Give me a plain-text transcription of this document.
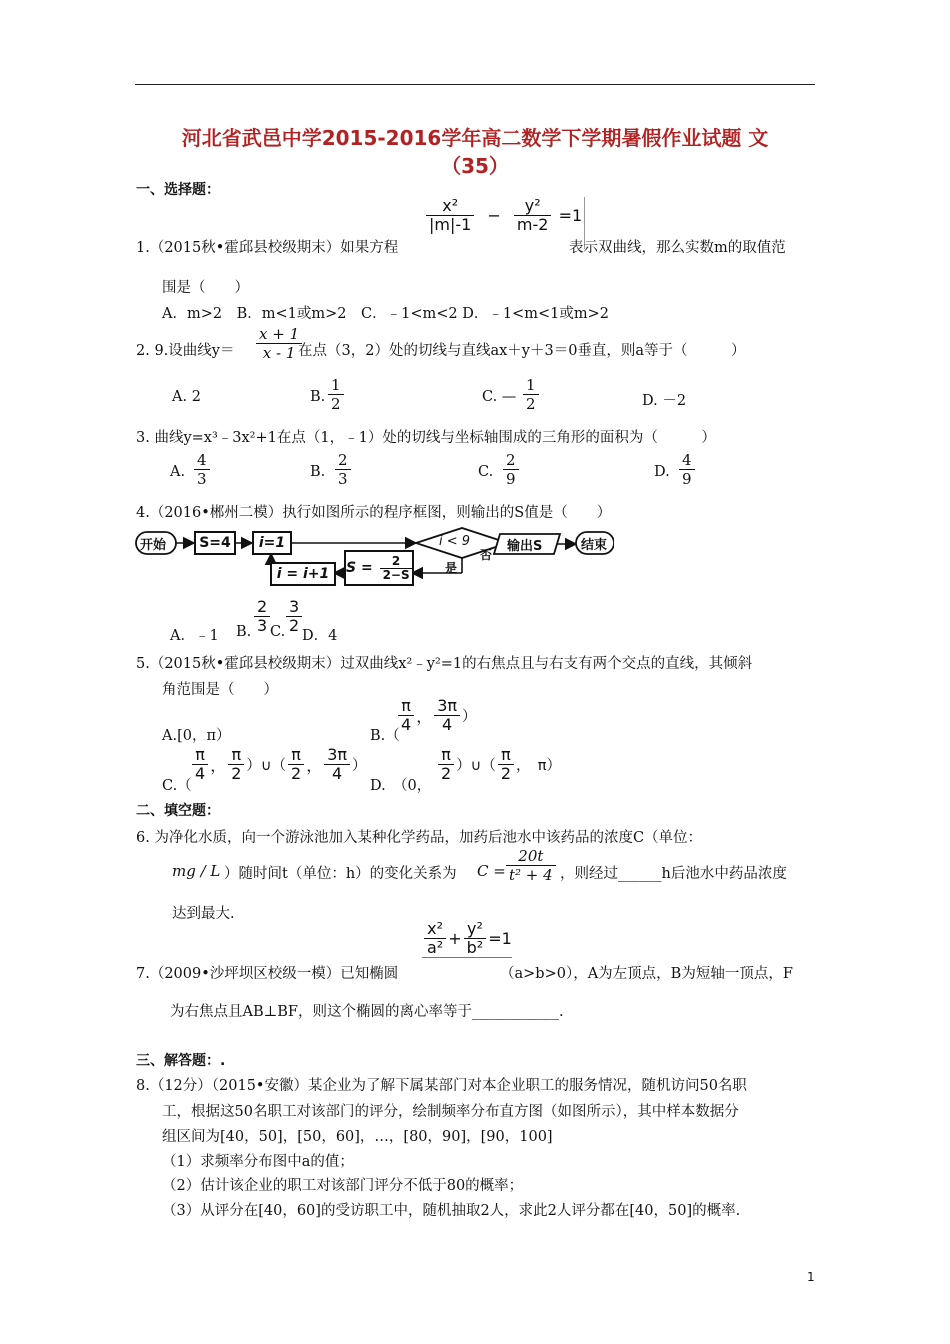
河北省武邑中学2015-2016学年高二数学下学期暑假作业试题 文
（35）
一、选择题：
1.（2015秋•霍邱县校级期末）如果方程
$\frac{\text{x²}}{|m|-1} - \frac{\text{y²}}{m-2} =1$
表示双曲线，那么实数m的取值范
围是（　　）
A．m>2　B．m<1或m>2　C．﹣1<m<2 D．﹣1<m<1或m>2
2. 9.设曲线$y= \frac{x + 1}{x - 1}$
在点（3，2）处的切线与直线ax＋y＋3＝0垂直，则a等于（　　　）
A. 2	B. $\frac{1}{2}$	C. — $\frac{1}{2}$	D. －2
3. 曲线y=x³﹣3x²+1在点（1，﹣1）处的切线与坐标轴围成的三角形的面积为（　　　）
A. $\frac{4}{3}$	B. $\frac{2}{3}$	C. $\frac{2}{9}$	D. $\frac{4}{9}$
4.（2016•郴州二模）执行如图所示的程序框图，则输出的S值是（　　）
开始	S=4	i=1	i < 9
否
输出S	结束
是
$S = \frac{2}{2-S}$
i = i+1
A．﹣1 B. $\frac{2}{3} C$. $\frac{3}{2}$
D．4
5.（2015秋•霍邱县校级期末）过双曲线x²﹣y²=1的右焦点且与右支有两个交点的直线，其倾斜
角范围是（　　）
A.[0，π）	B.（
$\frac{\pi}{4}$ ， $\frac{3\pi}{4}$ ）
C.（
$\frac{\pi}{4}$ ， $\frac{\pi}{2}$ ）∪（ $\frac{\pi}{2}$ ， $\frac{3\pi}{4}$ ）
D.　（0，
$\frac{\pi}{2}$ ）∪（ $\frac{\pi}{2}$ ，　π）
二、填空题：
6. 为净化水质，向一个游泳池加入某种化学药品，加药后池水中该药品的浓度C（单位：
mg / L ）随时间t（单位：h）的变化关系为 $C = \frac{20t}{\text{t² + 4}}$ ，则经过______h后池水中药品浓度
达到最大.
7.（2009•沙坪坝区校级一模）已知椭圆
$\frac{\text{x²}}{\text{a²}} + \frac{\text{y²}}{\text{b²}} =1$
（a>b>0），A为左顶点，B为短轴一顶点，F
为右焦点且AB⊥BF，则这个椭圆的离心率等于____________.
三、解答题：.
8.（12分）（2015•安徽）某企业为了解下属某部门对本企业职工的服务情况，随机访问50名职
工，根据这50名职工对该部门的评分，绘制频率分布直方图（如图所示），其中样本数据分
组区间为[40，50]，[50，60]，…，[80，90]，[90，100]
（1）求频率分布图中a的值；
（2）估计该企业的职工对该部门评分不低于80的概率；
（3）从评分在[40，60]的受访职工中，随机抽取2人，求此2人评分都在[40，50]的概率.
1
